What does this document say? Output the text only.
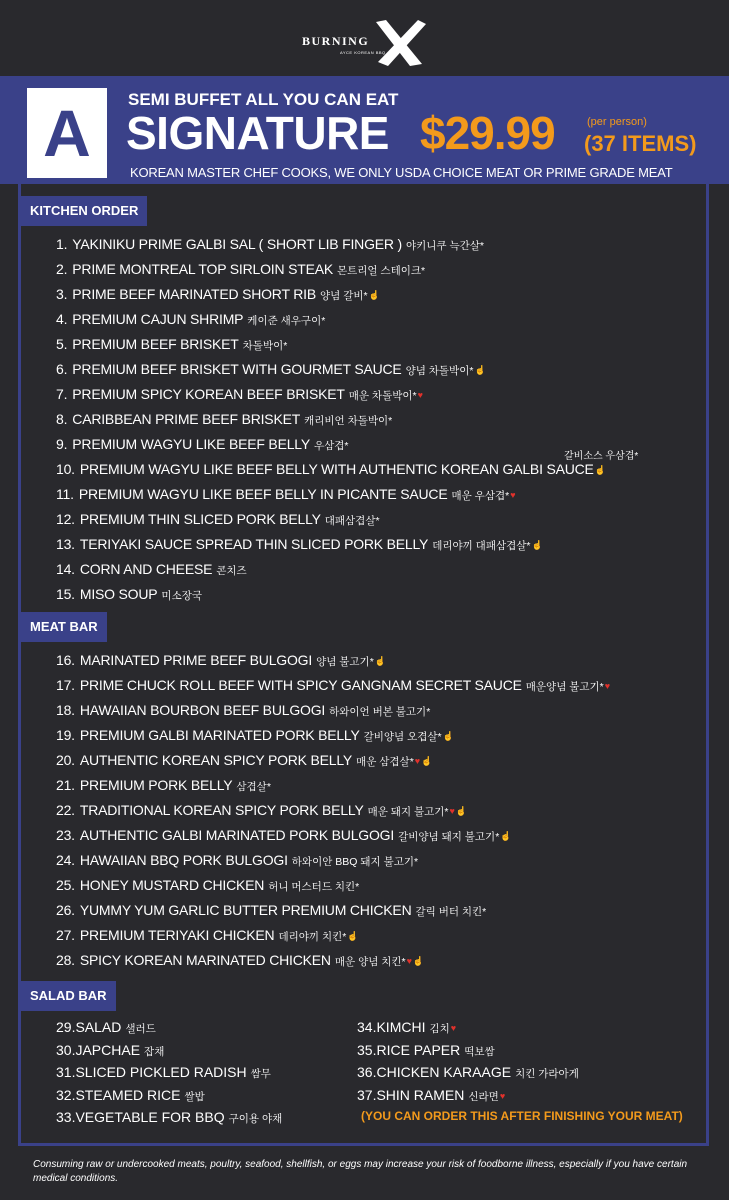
BURNING
AYCE KOREAN BBQ
A SEMI BUFFET ALL YOU CAN EAT
SIGNATURE $29.99	(per person)
(37 ITEMS)
KOREAN MASTER CHEF COOKS, WE ONLY USDA CHOICE MEAT OR PRIME GRADE MEAT
KITCHEN ORDER
1. YAKINIKU PRIME GALBI SAL ( SHORT LIB FINGER ) 야키니쿠 늑간살*
2. PRIME MONTREAL TOP SIRLOIN STEAK 몬트리얼 스테이크*
3. PRIME BEEF MARINATED SHORT RIB 양념 갈비*☝
4. PREMIUM CAJUN SHRIMP 케이준 새우구이*
5. PREMIUM BEEF BRISKET 차돌박이*
6. PREMIUM BEEF BRISKET WITH GOURMET SAUCE 양념 차돌박이*☝
7. PREMIUM SPICY KOREAN BEEF BRISKET 매운 차돌박이*♥
8. CARIBBEAN PRIME BEEF BRISKET 캐리비언 차돌박이*
9. PREMIUM WAGYU LIKE BEEF BELLY 우삼겹*
10. PREMIUM WAGYU LIKE BEEF BELLY WITH AUTHENTIC KOREAN GALBI SAUCE☝
11. PREMIUM WAGYU LIKE BEEF BELLY IN PICANTE SAUCE 매운 우삼겹*♥
12. PREMIUM THIN SLICED PORK BELLY 대패삼겹살*
13. TERIYAKI SAUCE SPREAD THIN SLICED PORK BELLY 데리야끼 대패삼겹살*☝
14. CORN AND CHEESE 콘치즈
15. MISO SOUP 미소장국
갈비소스 우삼겹*
MEAT BAR
16. MARINATED PRIME BEEF BULGOGI 양념 불고기*☝
17. PRIME CHUCK ROLL BEEF WITH SPICY GANGNAM SECRET SAUCE 매운양념 불고기*♥
18. HAWAIIAN BOURBON BEEF BULGOGI 하와이언 버본 불고기*
19. PREMIUM GALBI MARINATED PORK BELLY 갈비양념 오겹살*☝
20. AUTHENTIC KOREAN SPICY PORK BELLY 매운 삼겹살*♥☝
21. PREMIUM PORK BELLY 삼겹살*
22. TRADITIONAL KOREAN SPICY PORK BELLY 매운 돼지 불고기*♥☝
23. AUTHENTIC GALBI MARINATED PORK BULGOGI 갈비양념 돼지 불고기*☝
24. HAWAIIAN BBQ PORK BULGOGI 하와이안 BBQ 돼지 불고기*
25. HONEY MUSTARD CHICKEN 허니 머스터드 치킨*
26. YUMMY YUM GARLIC BUTTER PREMIUM CHICKEN 갈릭 버터 치킨*
27. PREMIUM TERIYAKI CHICKEN 데리야끼 치킨*☝
28. SPICY KOREAN MARINATED CHICKEN 매운 양념 치킨*♥☝
SALAD BAR
29.SALAD 샐러드
30.JAPCHAE 잡채
31.SLICED PICKLED RADISH 쌈무
32.STEAMED RICE 쌀밥
33.VEGETABLE FOR BBQ 구이용 야채
34.KIMCHI 김치♥
35.RICE PAPER 떡보쌈
36.CHICKEN KARAAGE 치킨 가라아게
37.SHIN RAMEN 신라면♥
(YOU CAN ORDER THIS AFTER FINISHING YOUR MEAT)
Consuming raw or undercooked meats, poultry, seafood, shellfish, or eggs may increase your risk of foodborne illness, especially if you have certain medical conditions.
